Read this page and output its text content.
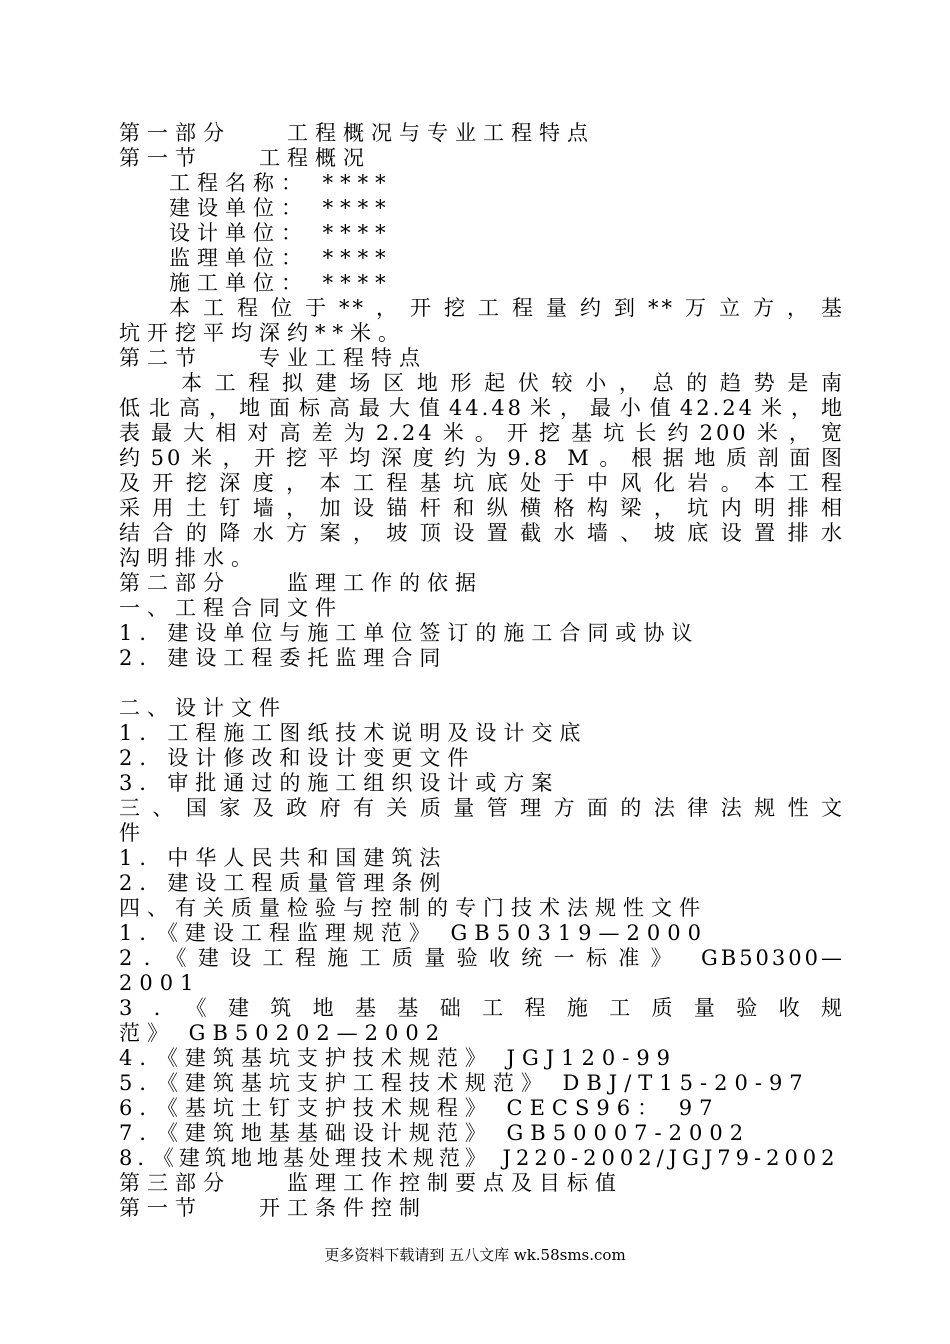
第一部分　　工程概况与专业工程特点
第一节　　工程概况
工程名称： ****
建设单位： ****
设计单位： ****
监理单位： ****
施工单位： ****
本工程位于**，开挖工程量约到**万立方，基
坑开挖平均深约**米。
第二节　　专业工程特点
本工程拟建场区地形起伏较小，总的趋势是南
低北高，地面标高最大值44.48米，最小值42.24米，地
表最大相对高差为2.24米。开挖基坑长约200米，宽
约50米，开挖平均深度约为9.8 M。根据地质剖面图
及开挖深度，本工程基坑底处于中风化岩。本工程
采用土钉墙，加设锚杆和纵横格构梁，坑内明排相
结合的降水方案，坡顶设置截水墙、坡底设置排水
沟明排水。
第二部分　　监理工作的依据
一、工程合同文件
1．建设单位与施工单位签订的施工合同或协议
2．建设工程委托监理合同
二、设计文件
1．工程施工图纸技术说明及设计交底
2．设计修改和设计变更文件
3．审批通过的施工组织设计或方案
三、国家及政府有关质量管理方面的法律法规性文
件
1．中华人民共和国建筑法
2．建设工程质量管理条例
四、有关质量检验与控制的专门技术法规性文件
1．《建设工程监理规范》 GB50319—2000
2．《建设工程施工质量验收统一标准》 GB50300—
2001
3．《建筑地基基础工程施工质量验收规
范》 GB50202—2002
4．《建筑基坑支护技术规范》 JGJ120-99
5．《建筑基坑支护工程技术规范》 DBJ/T15-20-97
6．《基坑土钉支护技术规程》 CECS96： 97
7．《建筑地基基础设计规范》 GB50007-2002
8．《建筑地地基处理技术规范》 J220-2002/JGJ79-2002
第三部分　　监理工作控制要点及目标值
第一节　　开工条件控制
更多资料下载请到 五八文库 wk.58sms.com
